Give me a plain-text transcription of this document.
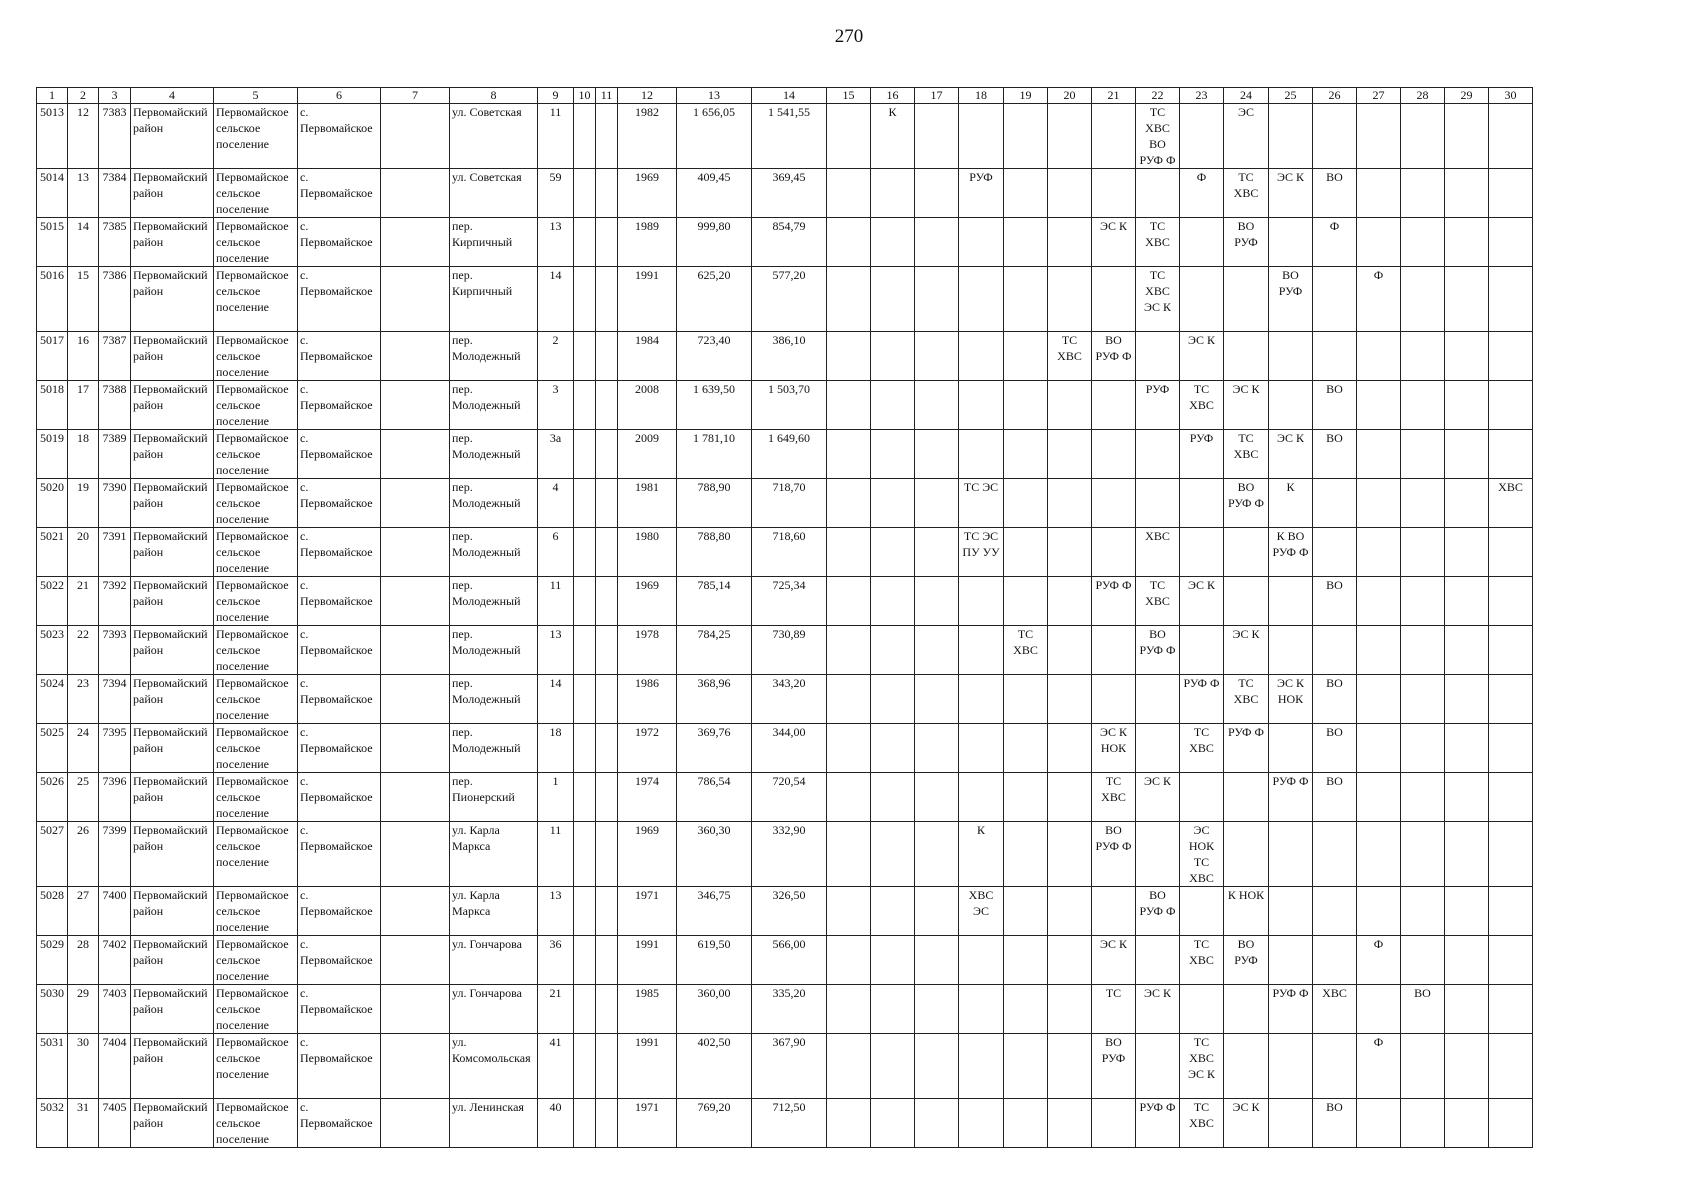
270
1	2	3	4	5	6	7	8	9	10	11	12	13	14	15	16	17	18	19	20	21	22	23	24	25	26	27	28	29	30
5013	12	7383	Первомайский район	Первомайское сельское поселение	с. Первомайское		ул. Советская	11			1982	1 656,05	1 541,55		К						ТС ХВС ВО РУФ Ф		ЭС						
5014	13	7384	Первомайский район	Первомайское сельское поселение	с. Первомайское		ул. Советская	59			1969	409,45	369,45				РУФ					Ф	ТС ХВС	ЭС К	ВО				
5015	14	7385	Первомайский район	Первомайское сельское поселение	с. Первомайское		пер. Кирпичный	13			1989	999,80	854,79							ЭС К	ТС ХВС		ВО РУФ		Ф				
5016	15	7386	Первомайский район	Первомайское сельское поселение	с. Первомайское		пер. Кирпичный	14			1991	625,20	577,20								ТС ХВС ЭС К			ВО РУФ		Ф			
5017	16	7387	Первомайский район	Первомайское сельское поселение	с. Первомайское		пер. Молодежный	2			1984	723,40	386,10						ТС ХВС	ВО РУФ Ф		ЭС К							
5018	17	7388	Первомайский район	Первомайское сельское поселение	с. Первомайское		пер. Молодежный	3			2008	1 639,50	1 503,70								РУФ	ТС ХВС	ЭС К		ВО				
5019	18	7389	Первомайский район	Первомайское сельское поселение	с. Первомайское		пер. Молодежный	3а			2009	1 781,10	1 649,60									РУФ	ТС ХВС	ЭС К	ВО				
5020	19	7390	Первомайский район	Первомайское сельское поселение	с. Первомайское		пер. Молодежный	4			1981	788,90	718,70				ТС ЭС						ВО РУФ Ф	К					ХВС
5021	20	7391	Первомайский район	Первомайское сельское поселение	с. Первомайское		пер. Молодежный	6			1980	788,80	718,60				ТС ЭС ПУ УУ				ХВС			К ВО РУФ Ф					
5022	21	7392	Первомайский район	Первомайское сельское поселение	с. Первомайское		пер. Молодежный	11			1969	785,14	725,34							РУФ Ф	ТС ХВС	ЭС К			ВО				
5023	22	7393	Первомайский район	Первомайское сельское поселение	с. Первомайское		пер. Молодежный	13			1978	784,25	730,89					ТС ХВС			ВО РУФ Ф		ЭС К						
5024	23	7394	Первомайский район	Первомайское сельское поселение	с. Первомайское		пер. Молодежный	14			1986	368,96	343,20									РУФ Ф	ТС ХВС	ЭС К НОК	ВО				
5025	24	7395	Первомайский район	Первомайское сельское поселение	с. Первомайское		пер. Молодежный	18			1972	369,76	344,00							ЭС К НОК		ТС ХВС	РУФ Ф		ВО				
5026	25	7396	Первомайский район	Первомайское сельское поселение	с. Первомайское		пер. Пионерский	1			1974	786,54	720,54							ТС ХВС	ЭС К			РУФ Ф	ВО				
5027	26	7399	Первомайский район	Первомайское сельское поселение	с. Первомайское		ул. Карла Маркса	11			1969	360,30	332,90				К			ВО РУФ Ф		ЭС НОК ТС ХВС							
5028	27	7400	Первомайский район	Первомайское сельское поселение	с. Первомайское		ул. Карла Маркса	13			1971	346,75	326,50				ХВС ЭС				ВО РУФ Ф		К НОК						
5029	28	7402	Первомайский район	Первомайское сельское поселение	с. Первомайское		ул. Гончарова	36			1991	619,50	566,00							ЭС К		ТС ХВС	ВО РУФ			Ф			
5030	29	7403	Первомайский район	Первомайское сельское поселение	с. Первомайское		ул. Гончарова	21			1985	360,00	335,20							ТС	ЭС К			РУФ Ф	ХВС		ВО		
5031	30	7404	Первомайский район	Первомайское сельское поселение	с. Первомайское		ул. Комсомольская	41			1991	402,50	367,90							ВО РУФ		ТС ХВС ЭС К				Ф			
5032	31	7405	Первомайский район	Первомайское сельское поселение	с. Первомайское		ул. Ленинская	40			1971	769,20	712,50								РУФ Ф	ТС ХВС	ЭС К		ВО				
